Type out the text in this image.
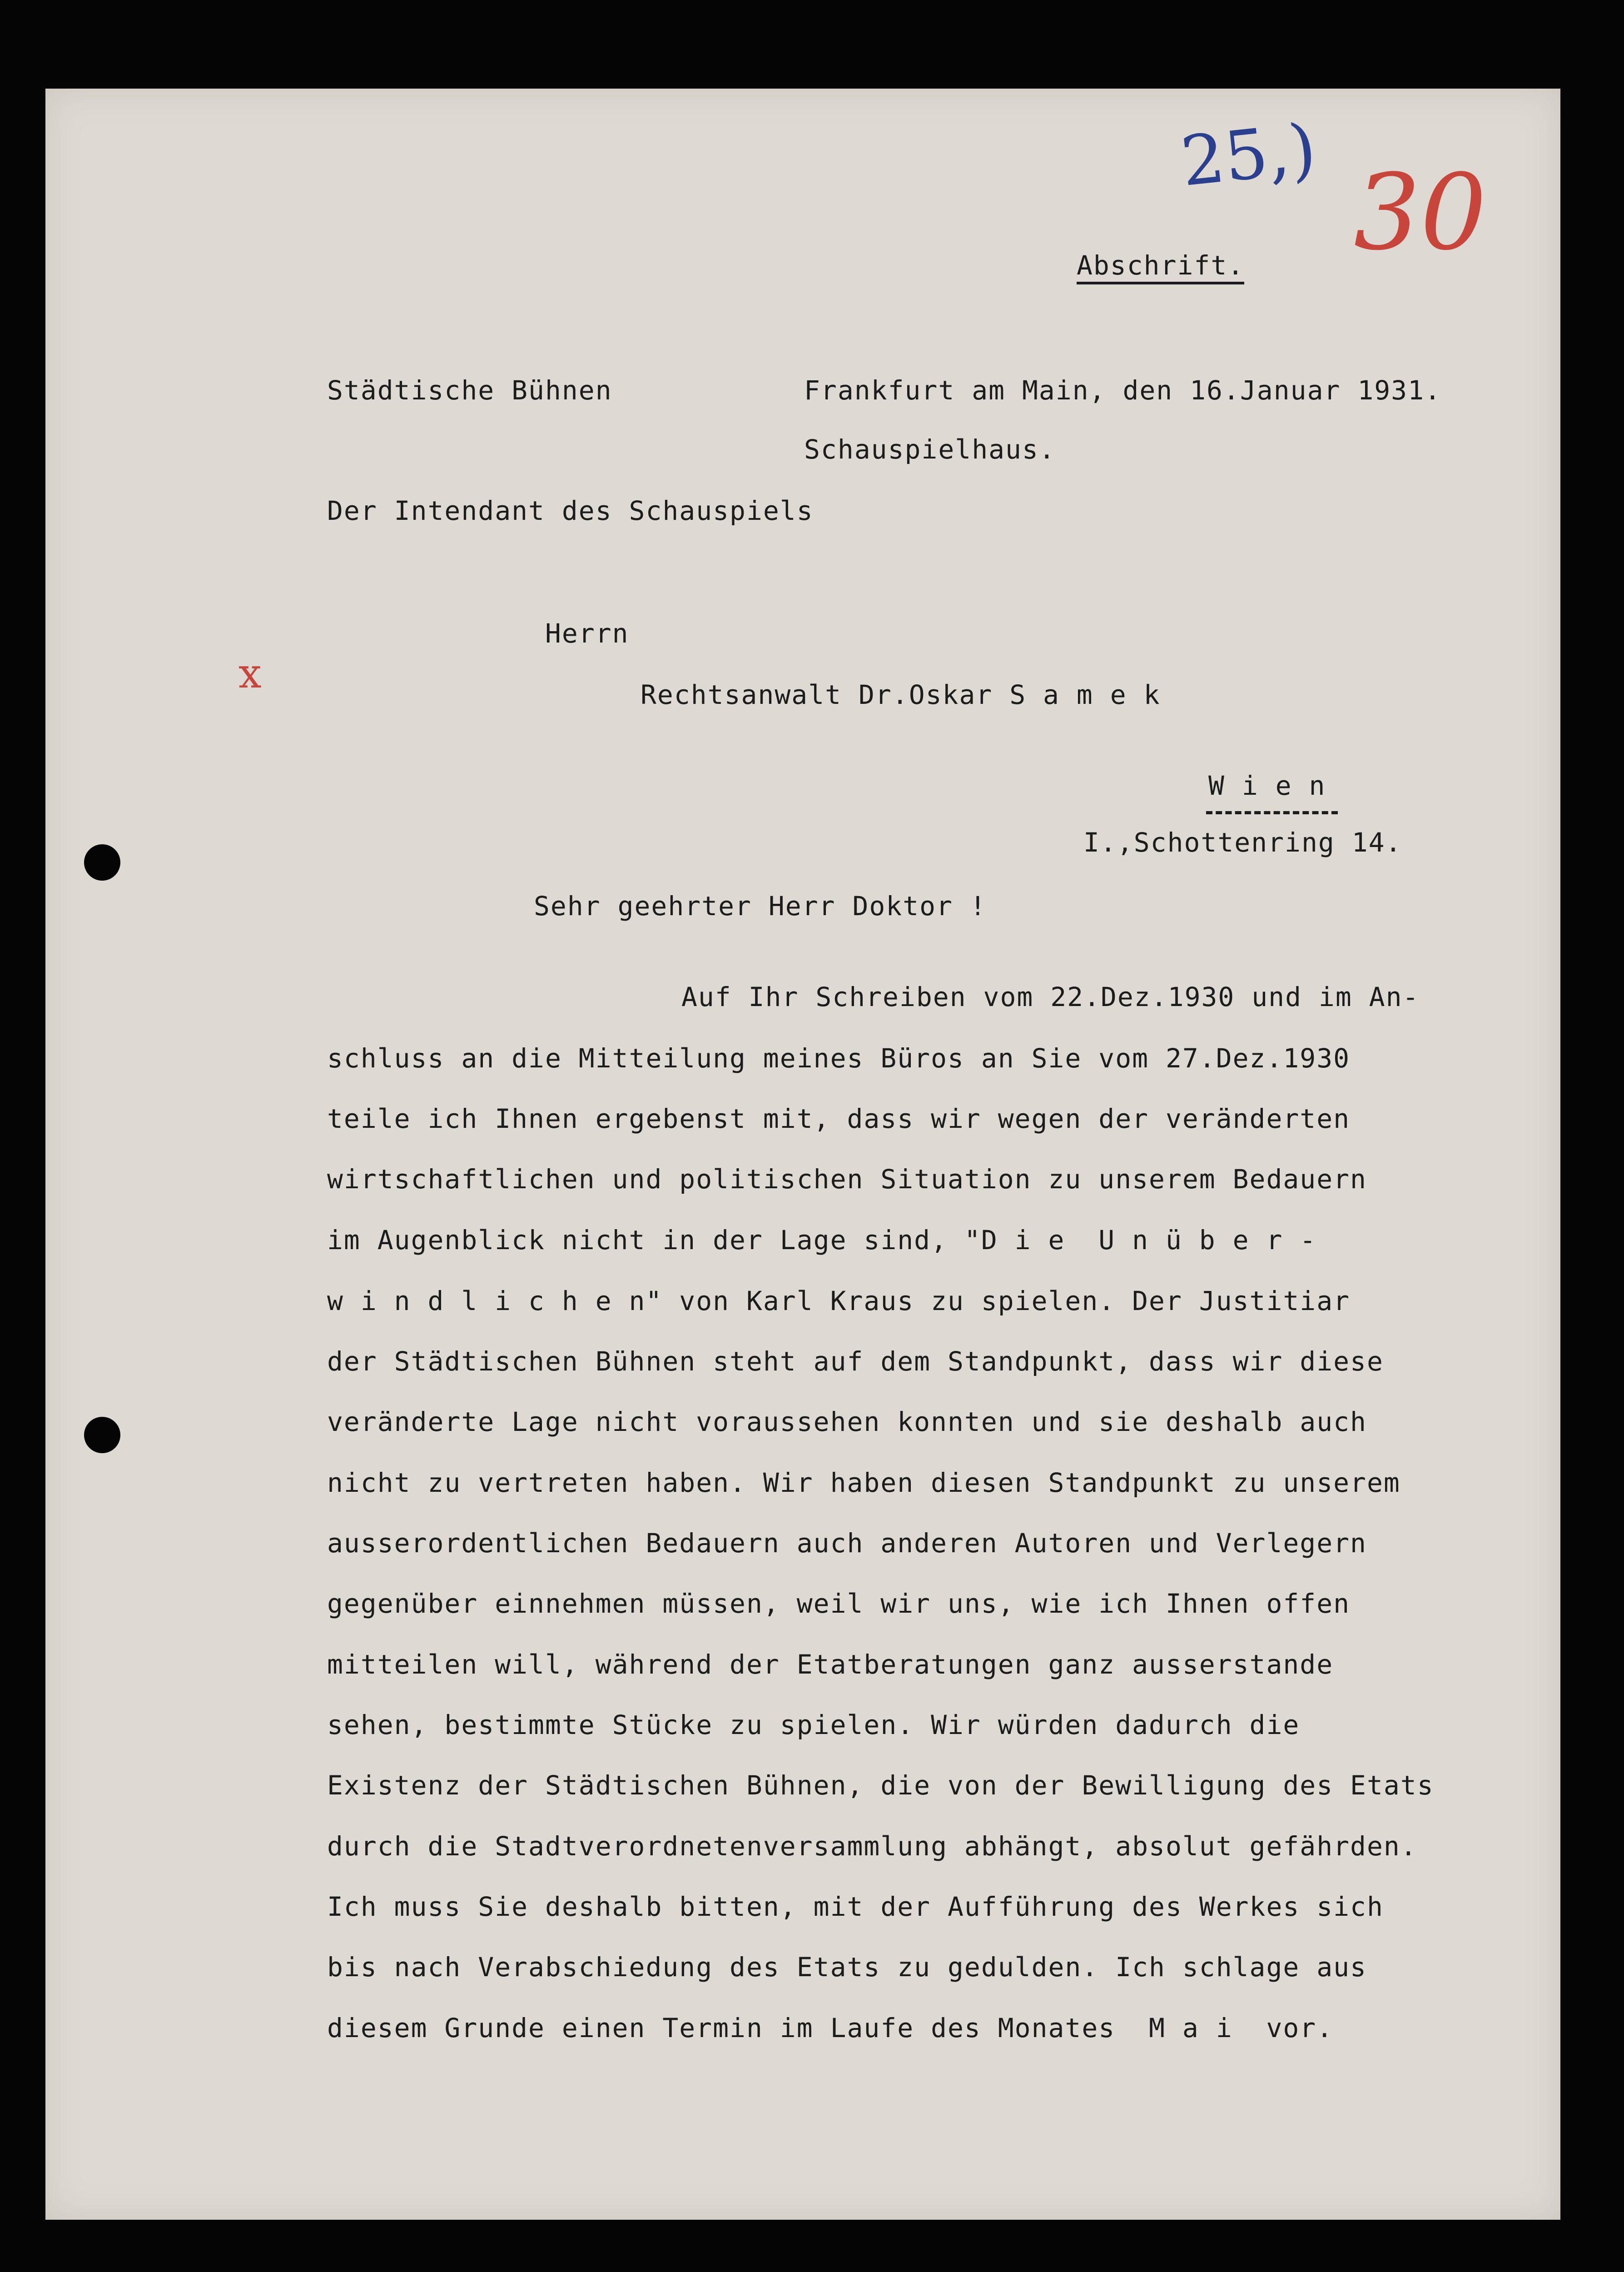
25,) 30
x
Abschrift.
Städtische Bühnen
Der Intendant des Schauspiels
Frankfurt am Main, den 16.Januar 1931.
Schauspielhaus.
Herrn
Rechtsanwalt Dr.Oskar S a m e k
W i e n
I.,Schottenring 14.
Sehr geehrter Herr Doktor !
Auf Ihr Schreiben vom 22.Dez.1930 und im An-
schluss an die Mitteilung meines Büros an Sie vom 27.Dez.1930
teile ich Ihnen ergebenst mit, dass wir wegen der veränderten
wirtschaftlichen und politischen Situation zu unserem Bedauern
im Augenblick nicht in der Lage sind, "D i e  U n ü b e r -
w i n d l i c h e n" von Karl Kraus zu spielen. Der Justitiar
der Städtischen Bühnen steht auf dem Standpunkt, dass wir diese
veränderte Lage nicht voraussehen konnten und sie deshalb auch
nicht zu vertreten haben. Wir haben diesen Standpunkt zu unserem
ausserordentlichen Bedauern auch anderen Autoren und Verlegern
gegenüber einnehmen müssen, weil wir uns, wie ich Ihnen offen
mitteilen will, während der Etatberatungen ganz ausserstande
sehen, bestimmte Stücke zu spielen. Wir würden dadurch die
Existenz der Städtischen Bühnen, die von der Bewilligung des Etats
durch die Stadtverordnetenversammlung abhängt, absolut gefährden.
Ich muss Sie deshalb bitten, mit der Aufführung des Werkes sich
bis nach Verabschiedung des Etats zu gedulden. Ich schlage aus
diesem Grunde einen Termin im Laufe des Monates  M a i  vor.
